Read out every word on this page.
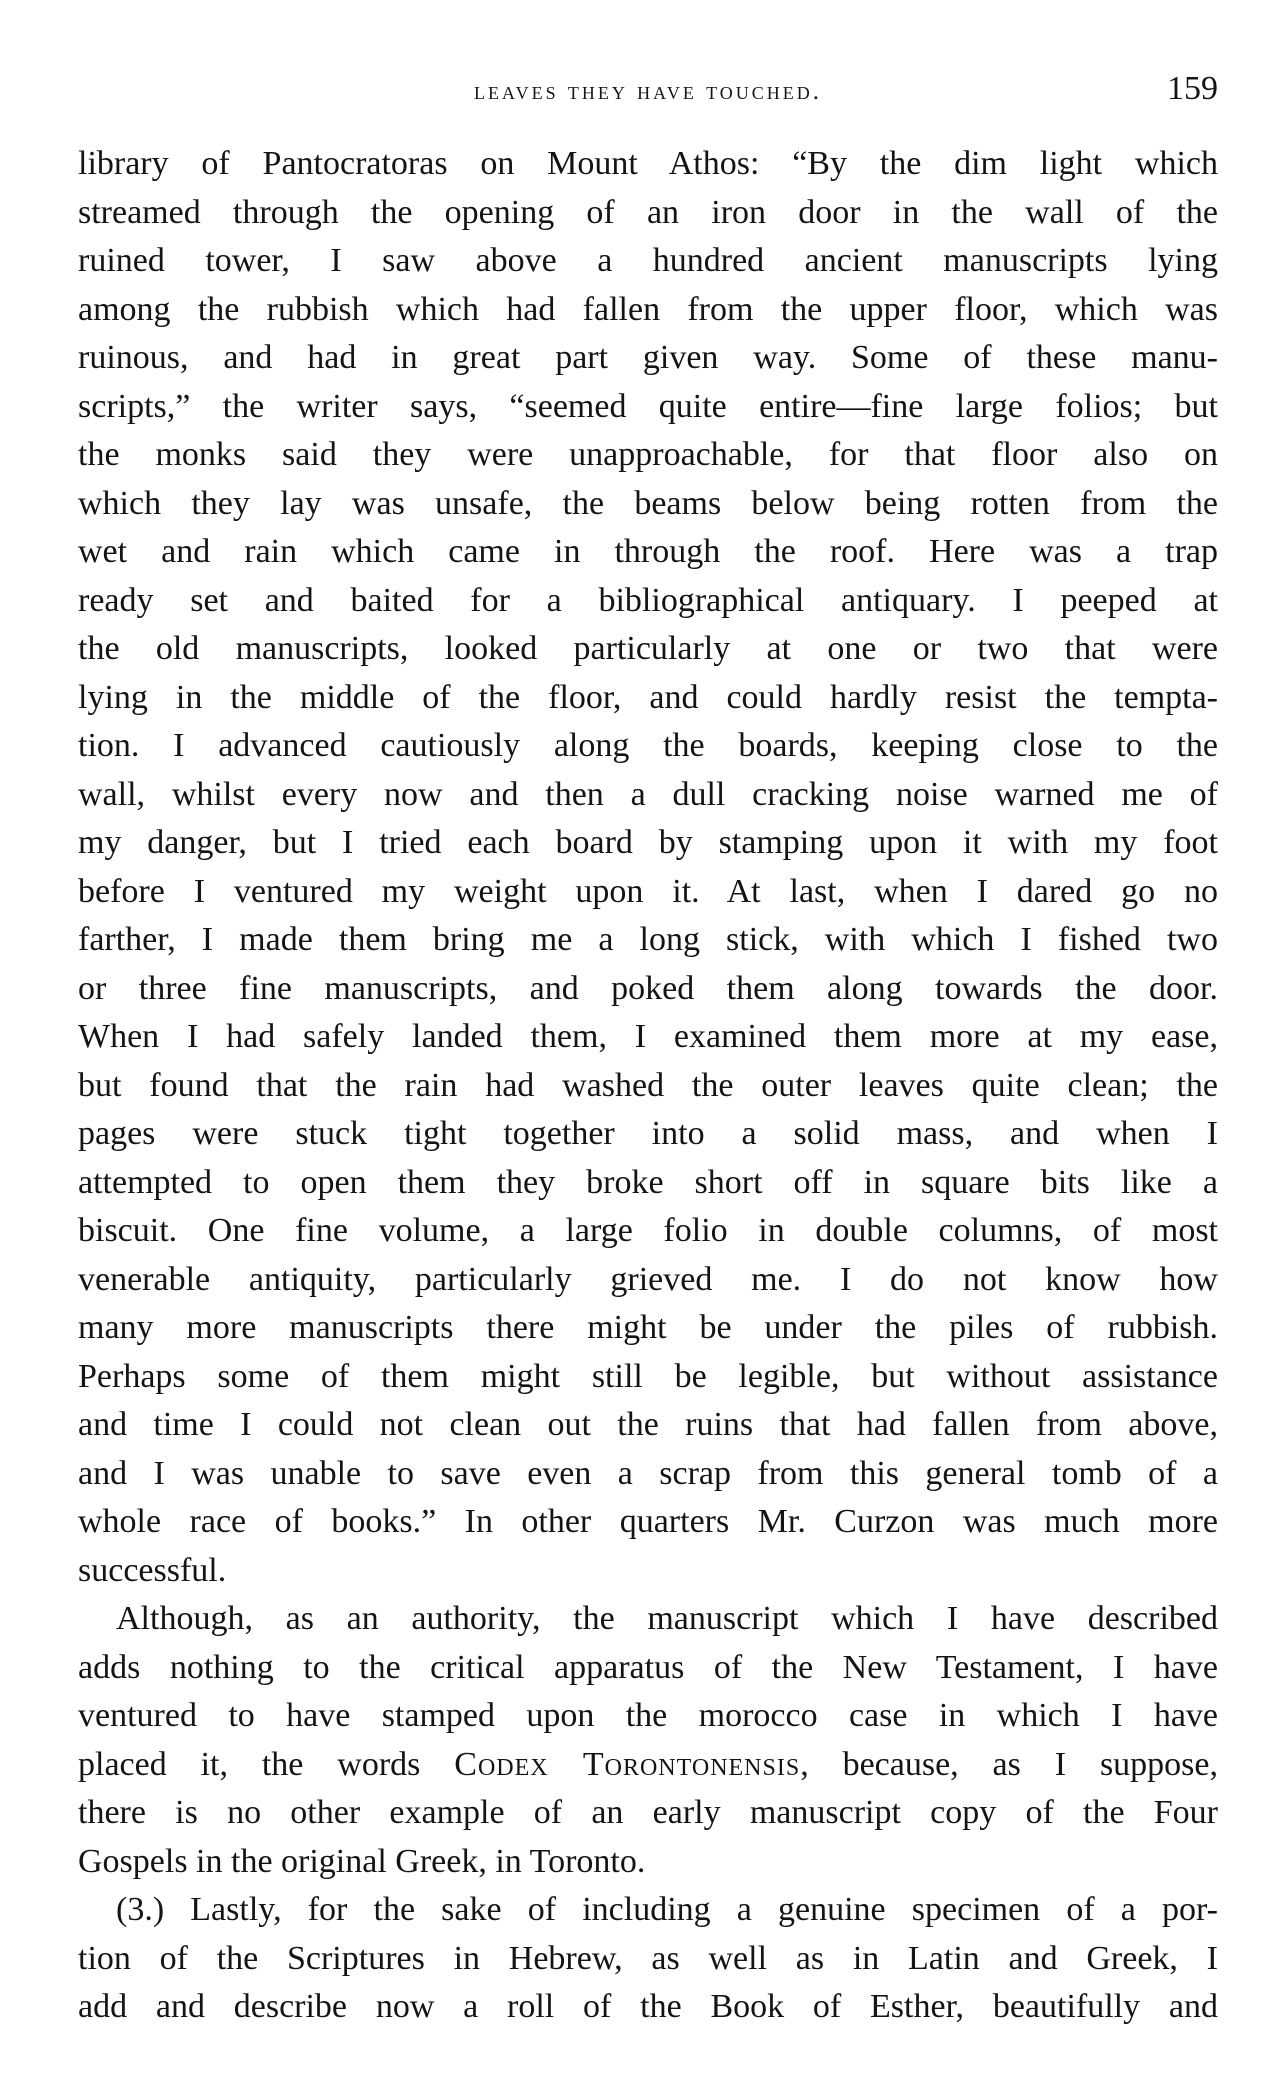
leaves they have touched.	159
library of Pantocratoras on Mount Athos: “By the dim light which
streamed through the opening of an iron door in the wall of the
ruined tower, I saw above a hundred ancient manuscripts lying
among the rubbish which had fallen from the upper floor, which was
ruinous, and had in great part given way. Some of these manu-
scripts,” the writer says, “seemed quite entire—fine large folios; but
the monks said they were unapproachable, for that floor also on
which they lay was unsafe, the beams below being rotten from the
wet and rain which came in through the roof. Here was a trap
ready set and baited for a bibliographical antiquary. I peeped at
the old manuscripts, looked particularly at one or two that were
lying in the middle of the floor, and could hardly resist the tempta-
tion. I advanced cautiously along the boards, keeping close to the
wall, whilst every now and then a dull cracking noise warned me of
my danger, but I tried each board by stamping upon it with my foot
before I ventured my weight upon it. At last, when I dared go no
farther, I made them bring me a long stick, with which I fished two
or three fine manuscripts, and poked them along towards the door.
When I had safely landed them, I examined them more at my ease,
but found that the rain had washed the outer leaves quite clean; the
pages were stuck tight together into a solid mass, and when I
attempted to open them they broke short off in square bits like a
biscuit. One fine volume, a large folio in double columns, of most
venerable antiquity, particularly grieved me. I do not know how
many more manuscripts there might be under the piles of rubbish.
Perhaps some of them might still be legible, but without assistance
and time I could not clean out the ruins that had fallen from above,
and I was unable to save even a scrap from this general tomb of a
whole race of books.” In other quarters Mr. Curzon was much more
successful.
Although, as an authority, the manuscript which I have described
adds nothing to the critical apparatus of the New Testament, I have
ventured to have stamped upon the morocco case in which I have
placed it, the words Codex Torontonensis, because, as I suppose,
there is no other example of an early manuscript copy of the Four
Gospels in the original Greek, in Toronto.
(3.) Lastly, for the sake of including a genuine specimen of a por-
tion of the Scriptures in Hebrew, as well as in Latin and Greek, I
add and describe now a roll of the Book of Esther, beautifully and
